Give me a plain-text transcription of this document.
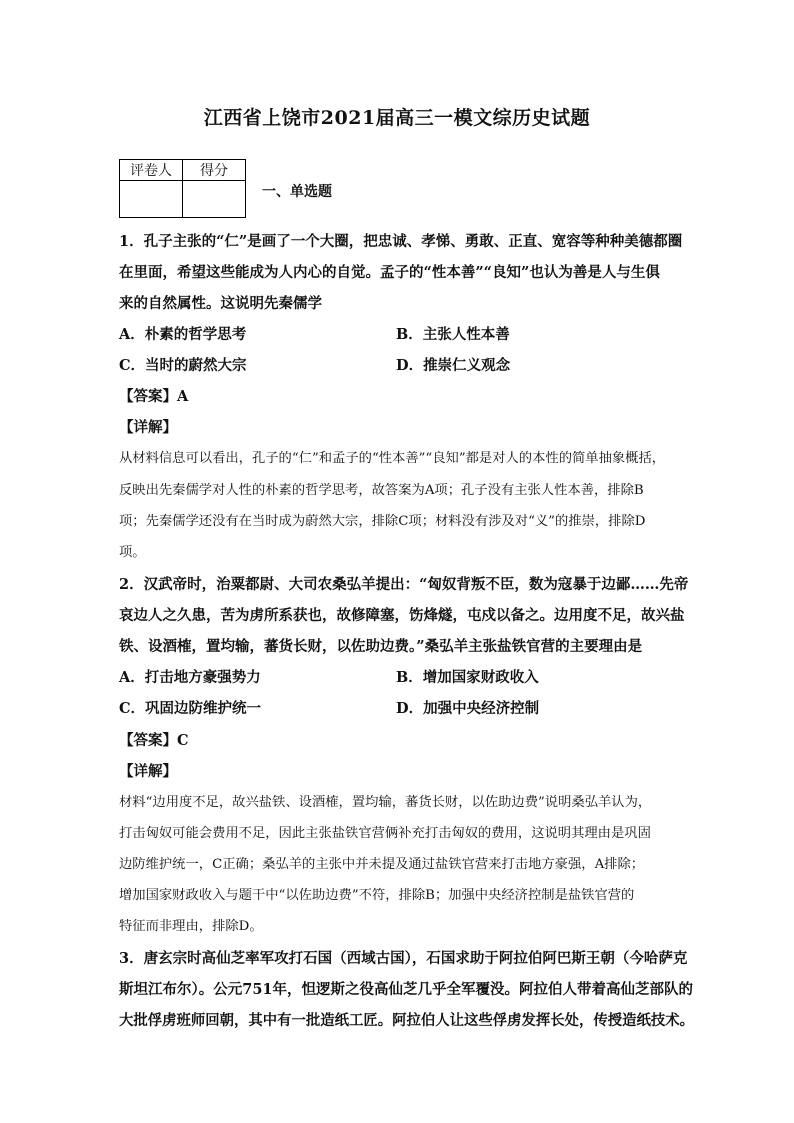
江西省上饶市2021届高三一模文综历史试题
评卷人	得分

一、单选题
1．孔子主张的“仁”是画了一个大圈，把忠诚、孝悌、勇敢、正直、宽容等种种美德都圈
在里面，希望这些能成为人内心的自觉。孟子的“性本善”“良知”也认为善是人与生俱
来的自然属性。这说明先秦儒学
A．朴素的哲学思考	B．主张人性本善
C．当时的蔚然大宗	D．推崇仁义观念
【答案】A
【详解】
从材料信息可以看出，孔子的“仁”和孟子的“性本善”“良知”都是对人的本性的简单抽象概括，
反映出先秦儒学对人性的朴素的哲学思考，故答案为A项；孔子没有主张人性本善，排除B
项；先秦儒学还没有在当时成为蔚然大宗，排除C项；材料没有涉及对“义”的推崇，排除D
项。
2．汉武帝时，治粟都尉、大司农桑弘羊提出：“匈奴背叛不臣，数为寇暴于边鄙……先帝
哀边人之久患，苦为虏所系获也，故修障塞，饬烽燧，屯戍以备之。边用度不足，故兴盐
铁、设酒榷，置均输，蕃货长财，以佐助边费。”桑弘羊主张盐铁官营的主要理由是
A．打击地方豪强势力	B．增加国家财政收入
C．巩固边防维护统一	D．加强中央经济控制
【答案】C
【详解】
材料“边用度不足，故兴盐铁、设酒榷，置均输，蕃货长财，以佐助边费”说明桑弘羊认为，
打击匈奴可能会费用不足，因此主张盐铁官营俩补充打击匈奴的费用，这说明其理由是巩固
边防维护统一，C正确；桑弘羊的主张中并未提及通过盐铁官营来打击地方豪强，A排除；
增加国家财政收入与题干中“以佐助边费”不符，排除B；加强中央经济控制是盐铁官营的
特征而非理由，排除D。
3．唐玄宗时高仙芝率军攻打石国（西域古国），石国求助于阿拉伯阿巴斯王朝（今哈萨克
斯坦江布尔）。公元751年，怛逻斯之役高仙芝几乎全军覆没。阿拉伯人带着高仙芝部队的
大批俘虏班师回朝，其中有一批造纸工匠。阿拉伯人让这些俘虏发挥长处，传授造纸技术。
